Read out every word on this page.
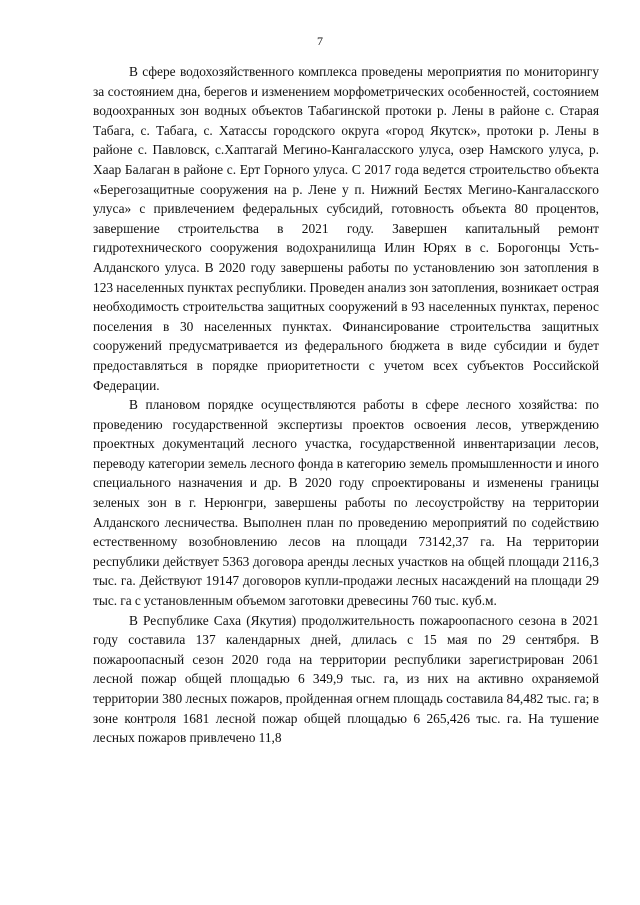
7

В сфере водохозяйственного комплекса проведены мероприятия по мониторингу за состоянием дна, берегов и изменением морфометрических особенностей, состоянием водоохранных зон водных объектов Табагинской протоки р. Лены в районе с. Старая Табага, с. Табага, с. Хатассы городского округа «город Якутск», протоки р. Лены в районе с. Павловск, с.Хаптагай Мегино-Кангаласского улуса, озер Намского улуса, р. Хаар Балаган в районе с. Ерт Горного улуса. С 2017 года ведется строительство объекта «Берегозащитные сооружения на р. Лене у п. Нижний Бестях Мегино-Кангаласского улуса» с привлечением федеральных субсидий, готовность объекта 80 процентов, завершение строительства в 2021 году. Завершен капитальный ремонт гидротехнического сооружения водохранилища Илин Юрях в с. Борогонцы Усть-Алданского улуса. В 2020 году завершены работы по установлению зон затопления в 123 населенных пунктах республики. Проведен анализ зон затопления, возникает острая необходимость строительства защитных сооружений в 93 населенных пунктах, перенос поселения в 30 населенных пунктах. Финансирование строительства защитных сооружений предусматривается из федерального бюджета в виде субсидии и будет предоставляться в порядке приоритетности с учетом всех субъектов Российской Федерации.

В плановом порядке осуществляются работы в сфере лесного хозяйства: по проведению государственной экспертизы проектов освоения лесов, утверждению проектных документаций лесного участка, государственной инвентаризации лесов, переводу категории земель лесного фонда в категорию земель промышленности и иного специального назначения и др. В 2020 году спроектированы и изменены границы зеленых зон в г. Нерюнгри, завершены работы по лесоустройству на территории Алданского лесничества. Выполнен план по проведению мероприятий по содействию естественному возобновлению лесов на площади 73142,37 га. На территории республики действует 5363 договора аренды лесных участков на общей площади 2116,3 тыс. га. Действуют 19147 договоров купли-продажи лесных насаждений на площади 29 тыс. га с установленным объемом заготовки древесины 760 тыс. куб.м.

В Республике Саха (Якутия) продолжительность пожароопасного сезона в 2021 году составила 137 календарных дней, длилась с 15 мая по 29 сентября. В пожароопасный сезон 2020 года на территории республики зарегистрирован 2061 лесной пожар общей площадью 6 349,9 тыс. га, из них на активно охраняемой территории 380 лесных пожаров, пройденная огнем площадь составила 84,482 тыс. га; в зоне контроля 1681 лесной пожар общей площадью 6 265,426 тыс. га. На тушение лесных пожаров привлечено 11,8
